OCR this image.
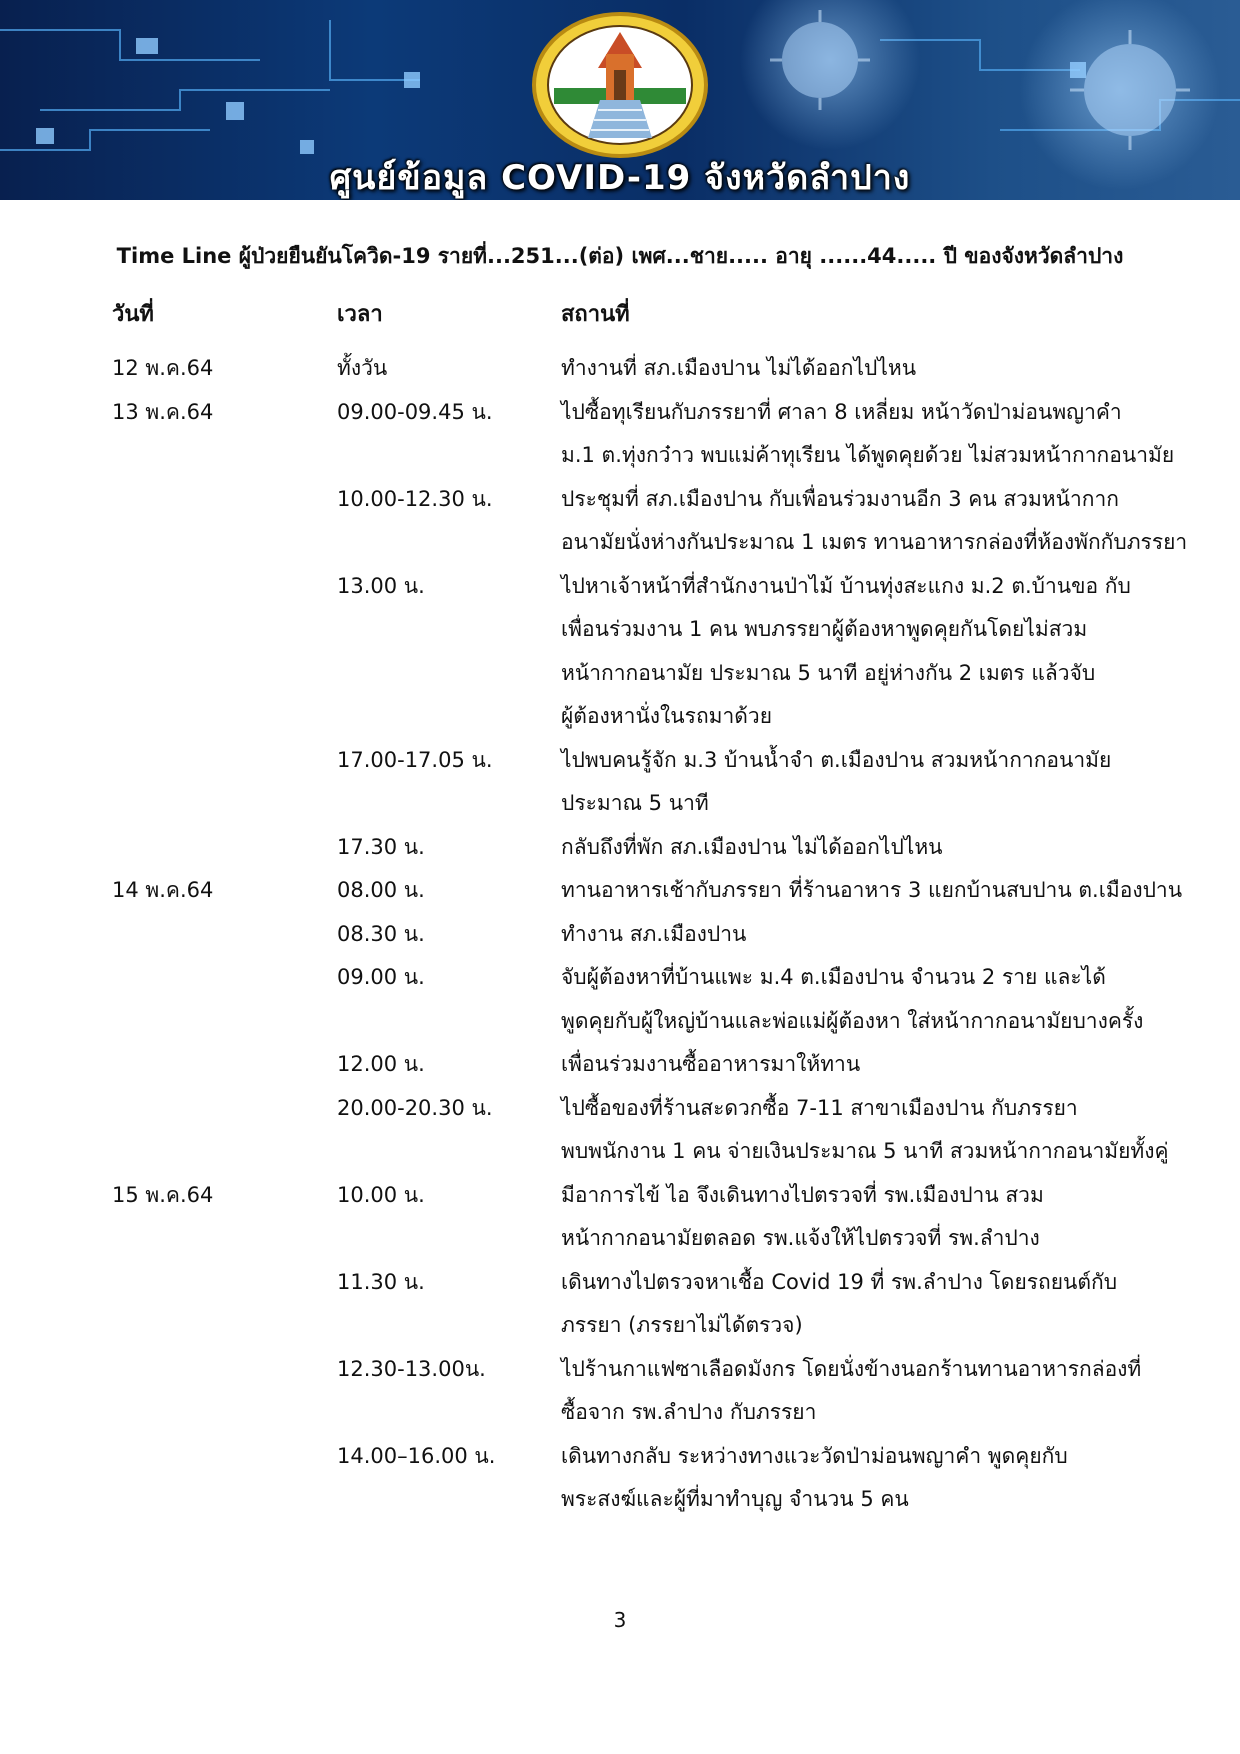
ศูนย์ข้อมูล COVID-19 จังหวัดลำปาง
Time Line ผู้ป่วยยืนยันโควิด-19 รายที่...251...(ต่อ) เพศ...ชาย..... อายุ ......44..... ปี ของจังหวัดลำปาง
วันที่	เวลา	สถานที่
12 พ.ค.64	ทั้งวัน	ทำงานที่ สภ.เมืองปาน ไม่ได้ออกไปไหน
13 พ.ค.64	09.00-09.45 น.	ไปซื้อทุเรียนกับภรรยาที่ ศาลา 8 เหลี่ยม หน้าวัดป่าม่อนพญาคำ
ม.1 ต.ทุ่งกว๋าว พบแม่ค้าทุเรียน ได้พูดคุยด้วย ไม่สวมหน้ากากอนามัย
10.00-12.30 น.	ประชุมที่ สภ.เมืองปาน กับเพื่อนร่วมงานอีก 3 คน สวมหน้ากาก
อนามัยนั่งห่างกันประมาณ 1 เมตร ทานอาหารกล่องที่ห้องพักกับภรรยา
13.00 น.	ไปหาเจ้าหน้าที่สำนักงานป่าไม้ บ้านทุ่งสะแกง ม.2 ต.บ้านขอ กับ
เพื่อนร่วมงาน 1 คน พบภรรยาผู้ต้องหาพูดคุยกันโดยไม่สวม
หน้ากากอนามัย ประมาณ 5 นาที อยู่ห่างกัน 2 เมตร แล้วจับ
ผู้ต้องหานั่งในรถมาด้วย
17.00-17.05 น.	ไปพบคนรู้จัก ม.3 บ้านน้ำจำ ต.เมืองปาน สวมหน้ากากอนามัย
ประมาณ 5 นาที
17.30 น.	กลับถึงที่พัก สภ.เมืองปาน ไม่ได้ออกไปไหน
14 พ.ค.64	08.00 น.	ทานอาหารเช้ากับภรรยา ที่ร้านอาหาร 3 แยกบ้านสบปาน ต.เมืองปาน
08.30 น.	ทำงาน สภ.เมืองปาน
09.00 น.	จับผู้ต้องหาที่บ้านแพะ ม.4 ต.เมืองปาน จำนวน 2 ราย และได้
พูดคุยกับผู้ใหญ่บ้านและพ่อแม่ผู้ต้องหา ใส่หน้ากากอนามัยบางครั้ง
12.00 น.	เพื่อนร่วมงานซื้ออาหารมาให้ทาน
20.00-20.30 น.	ไปซื้อของที่ร้านสะดวกซื้อ 7-11 สาขาเมืองปาน กับภรรยา
พบพนักงาน 1 คน จ่ายเงินประมาณ 5 นาที สวมหน้ากากอนามัยทั้งคู่
15 พ.ค.64	10.00 น.	มีอาการไข้ ไอ จึงเดินทางไปตรวจที่ รพ.เมืองปาน สวม
หน้ากากอนามัยตลอด รพ.แจ้งให้ไปตรวจที่ รพ.ลำปาง
11.30 น.	เดินทางไปตรวจหาเชื้อ Covid 19 ที่ รพ.ลำปาง โดยรถยนต์กับ
ภรรยา (ภรรยาไม่ได้ตรวจ)
12.30-13.00น.	ไปร้านกาแฟซาเลือดมังกร โดยนั่งข้างนอกร้านทานอาหารกล่องที่
ซื้อจาก รพ.ลำปาง กับภรรยา
14.00–16.00 น.	เดินทางกลับ ระหว่างทางแวะวัดป่าม่อนพญาคำ พูดคุยกับ
พระสงฆ์และผู้ที่มาทำบุญ จำนวน 5 คน
3
